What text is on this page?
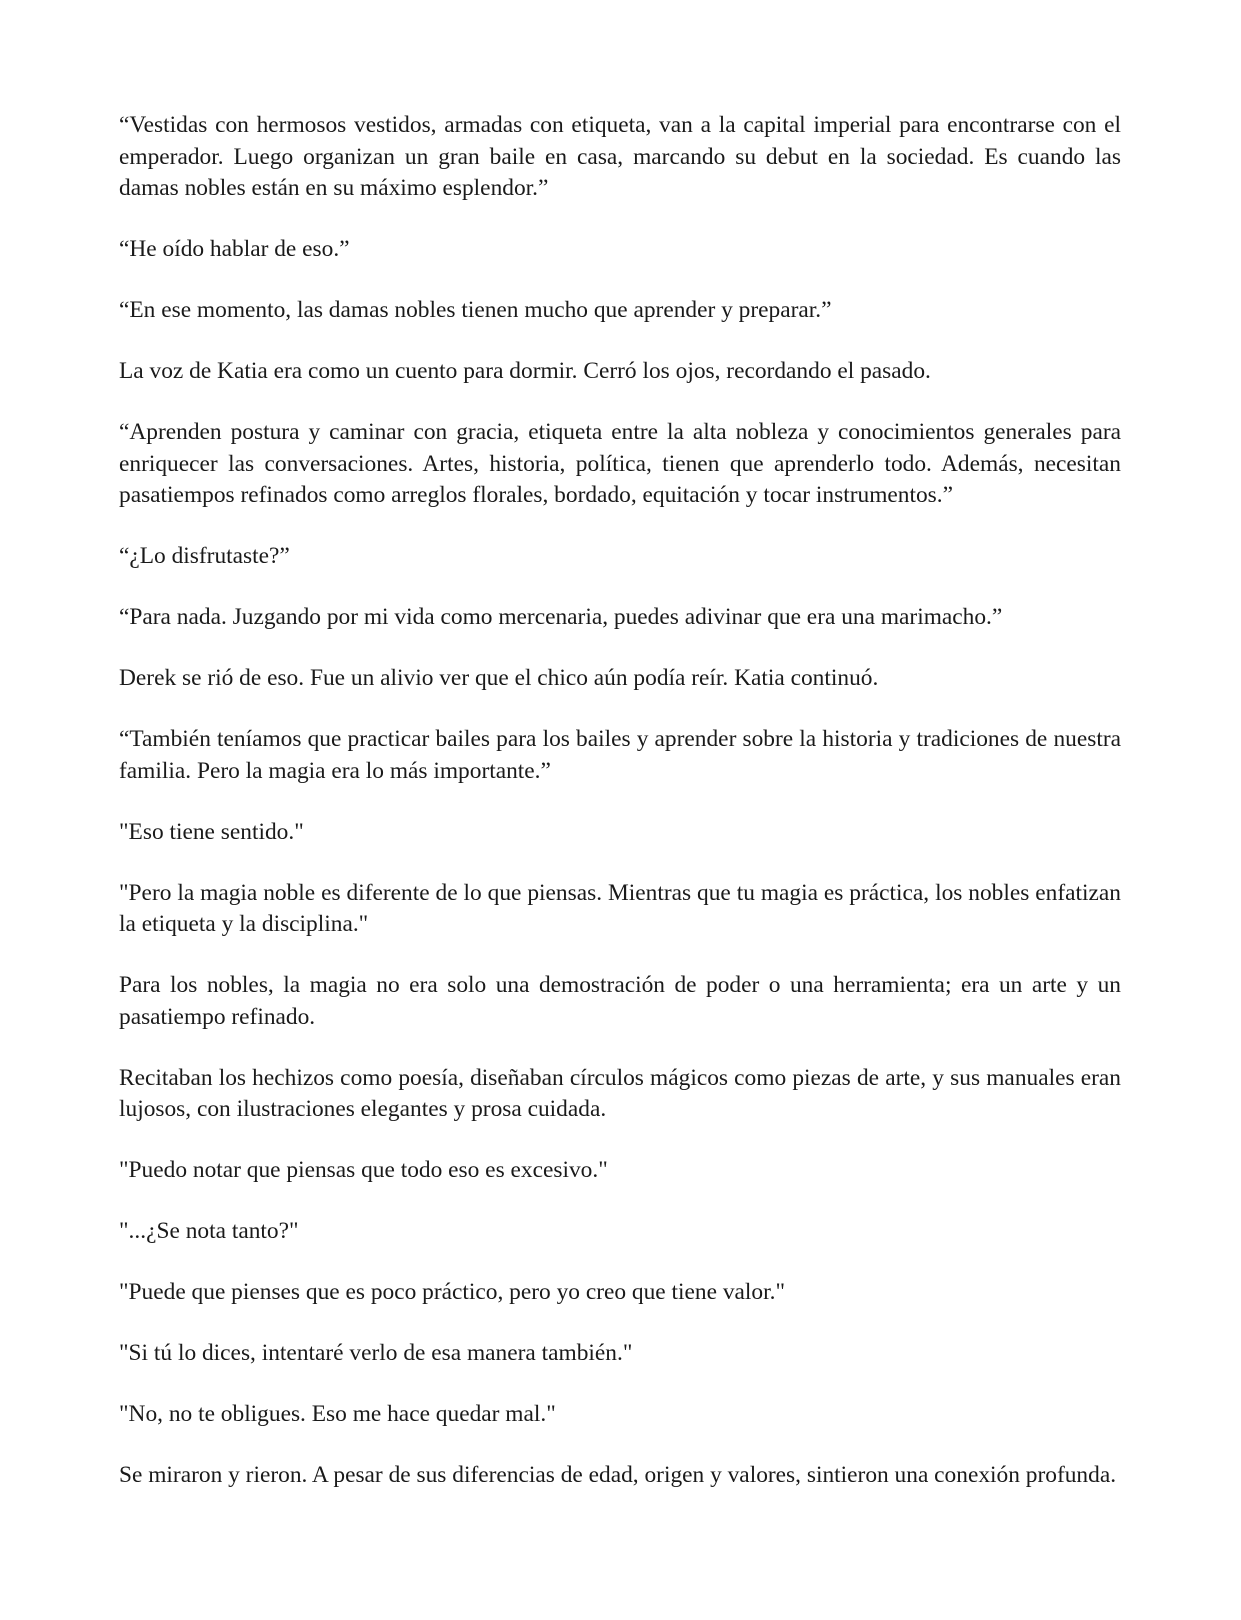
“Vestidas con hermosos vestidos, armadas con etiqueta, van a la capital imperial para encontrarse con el emperador. Luego organizan un gran baile en casa, marcando su debut en la sociedad. Es cuando las damas nobles están en su máximo esplendor.”

“He oído hablar de eso.”

“En ese momento, las damas nobles tienen mucho que aprender y preparar.”

La voz de Katia era como un cuento para dormir. Cerró los ojos, recordando el pasado.

“Aprenden postura y caminar con gracia, etiqueta entre la alta nobleza y conocimientos generales para enriquecer las conversaciones. Artes, historia, política, tienen que aprenderlo todo. Además, necesitan pasatiempos refinados como arreglos florales, bordado, equitación y tocar instrumentos.”

“¿Lo disfrutaste?”

“Para nada. Juzgando por mi vida como mercenaria, puedes adivinar que era una marimacho.”

Derek se rió de eso. Fue un alivio ver que el chico aún podía reír. Katia continuó.

“También teníamos que practicar bailes para los bailes y aprender sobre la historia y tradiciones de nuestra familia. Pero la magia era lo más importante.”

"Eso tiene sentido."

"Pero la magia noble es diferente de lo que piensas. Mientras que tu magia es práctica, los nobles enfatizan la etiqueta y la disciplina."

Para los nobles, la magia no era solo una demostración de poder o una herramienta; era un arte y un pasatiempo refinado.

Recitaban los hechizos como poesía, diseñaban círculos mágicos como piezas de arte, y sus manuales eran lujosos, con ilustraciones elegantes y prosa cuidada.

"Puedo notar que piensas que todo eso es excesivo."

"...¿Se nota tanto?"

"Puede que pienses que es poco práctico, pero yo creo que tiene valor."

"Si tú lo dices, intentaré verlo de esa manera también."

"No, no te obligues. Eso me hace quedar mal."

Se miraron y rieron. A pesar de sus diferencias de edad, origen y valores, sintieron una conexión profunda.
